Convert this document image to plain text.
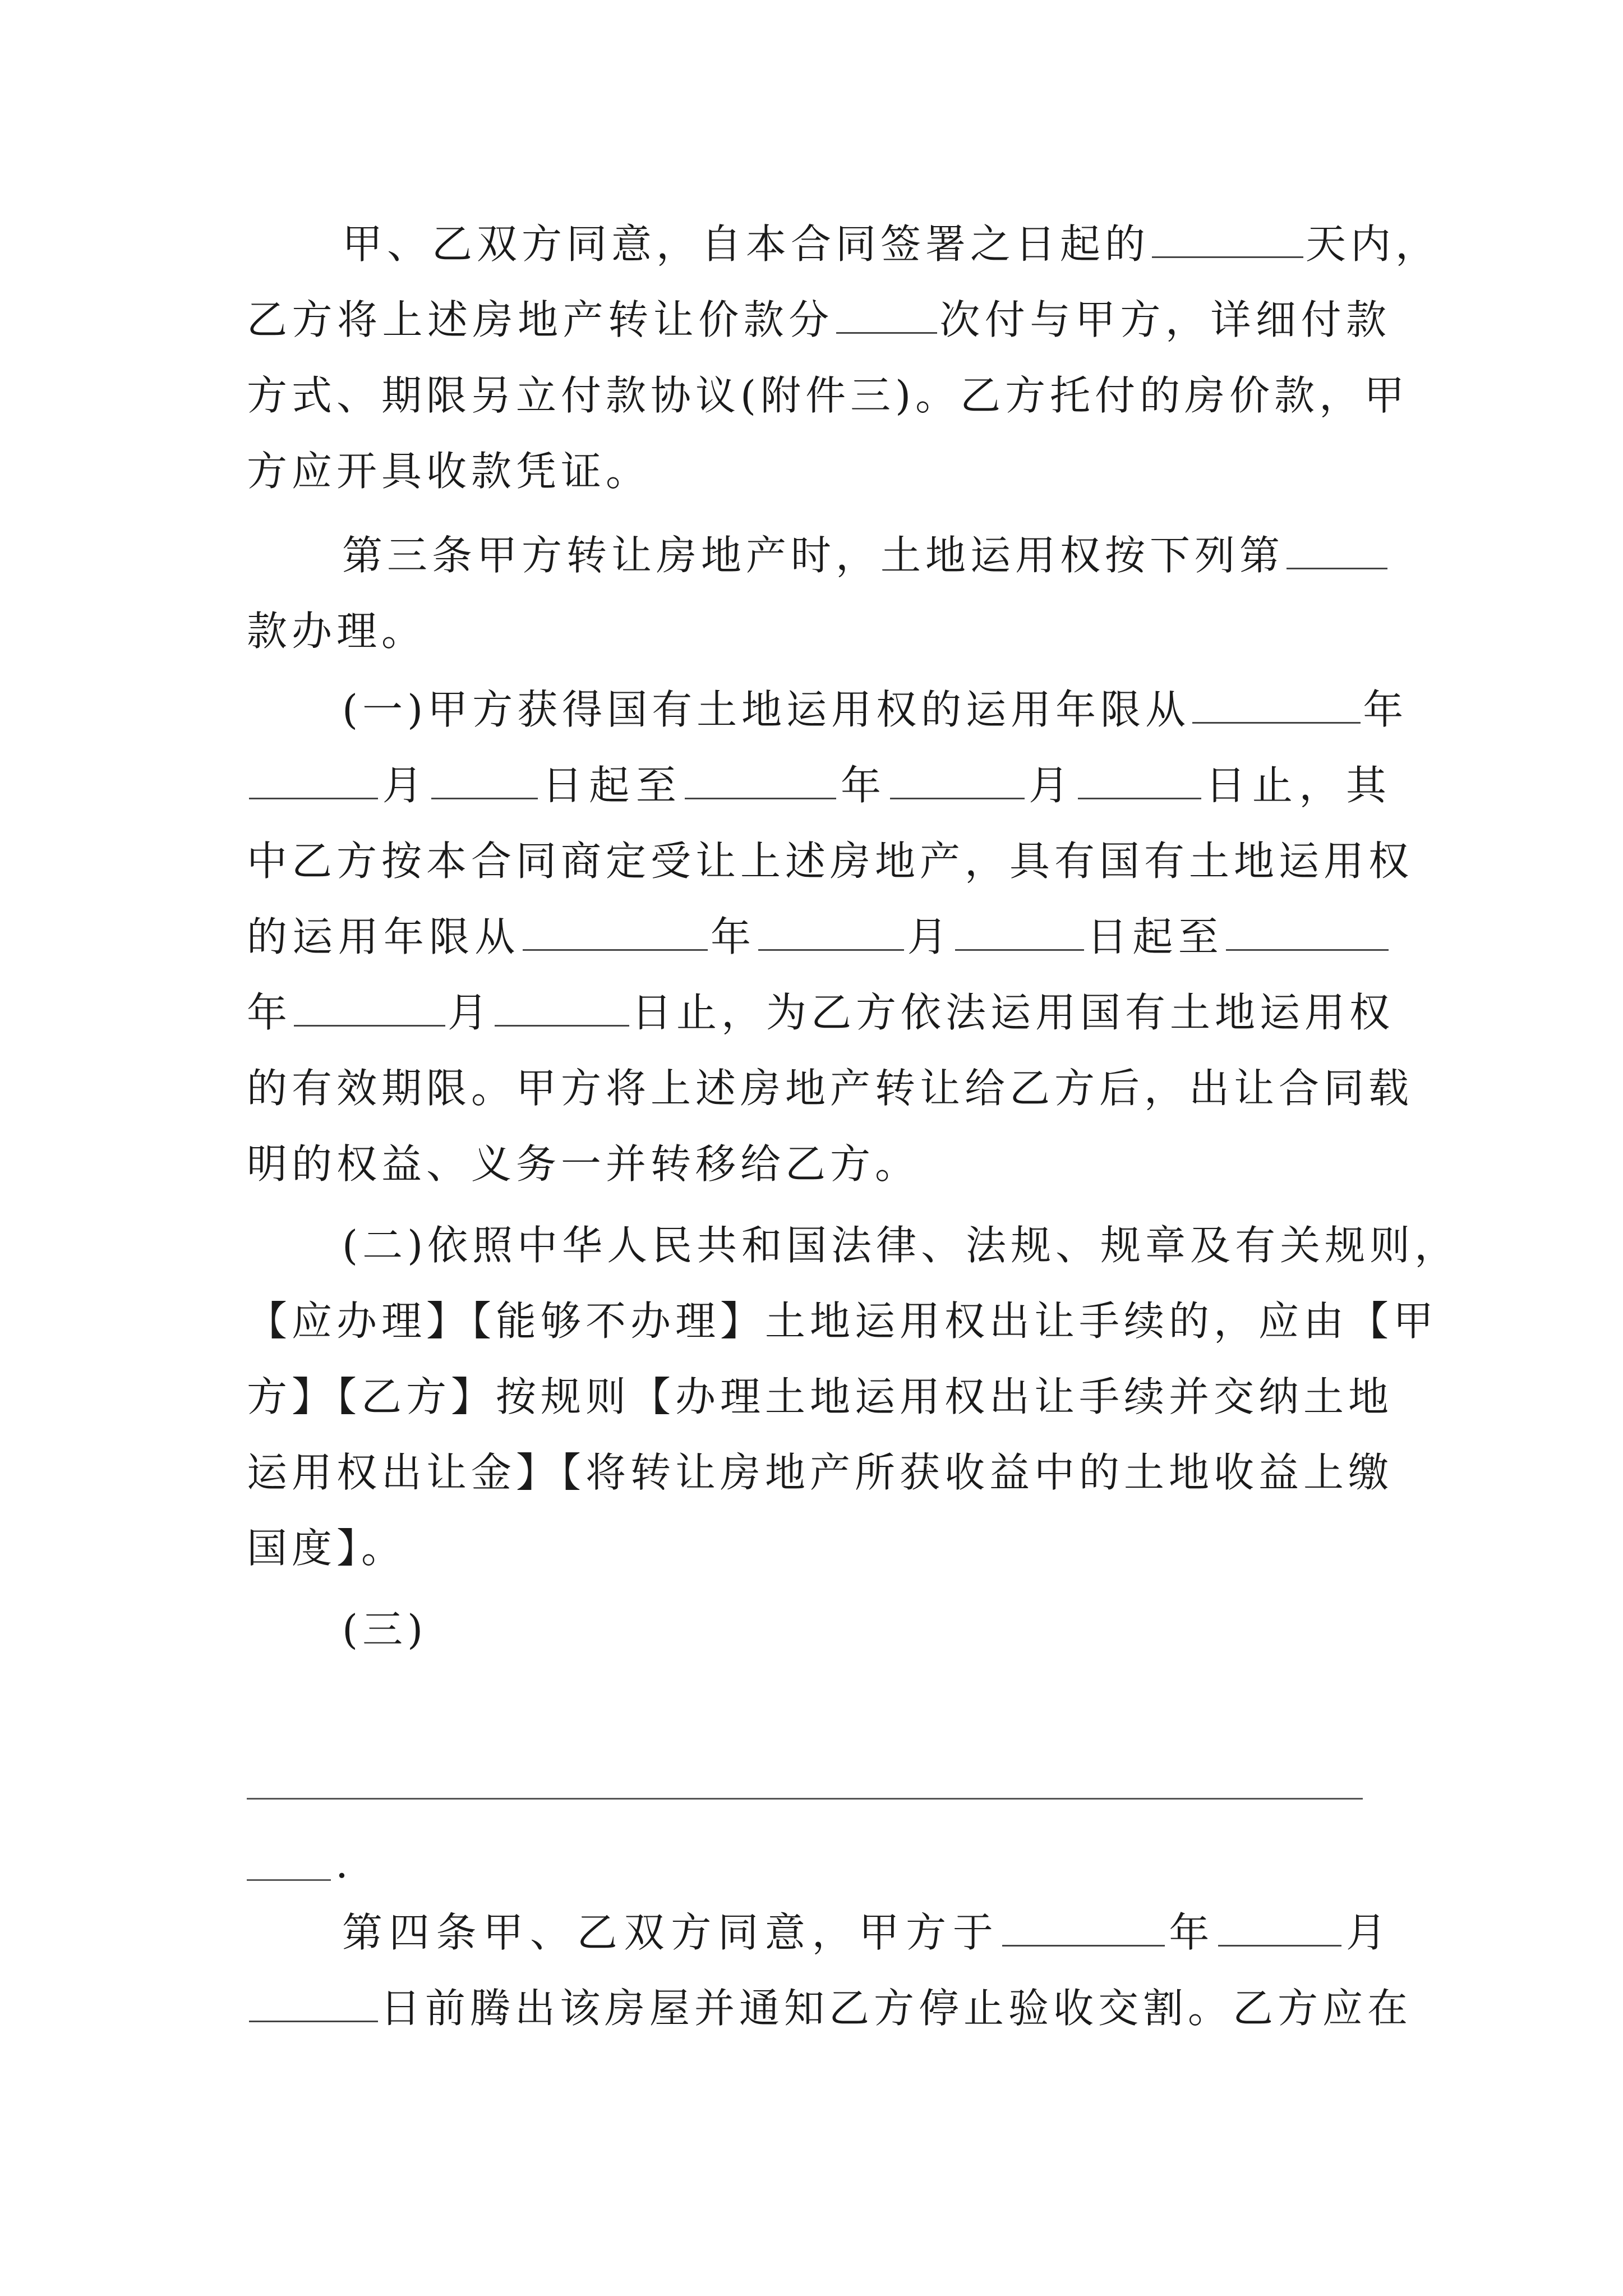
甲、乙双方同意，自本合同签署之日起的	天内，
乙方将上述房地产转让价款分	次付与甲方，详细付款
方式、期限另立付款协议(附件三)。乙方托付的房价款，甲
方应开具收款凭证。
第三条甲方转让房地产时，土地运用权按下列第
款办理。
(一)甲方获得国有土地运用权的运用年限从	年
月	日起至	年	月	日止，其
中乙方按本合同商定受让上述房地产，具有国有土地运用权
的运用年限从	年	月	日起至
年	月	日止，为乙方依法运用国有土地运用权
的有效期限。甲方将上述房地产转让给乙方后，出让合同载
明的权益、义务一并转移给乙方。
(二)依照中华人民共和国法律、法规、规章及有关规则，
【应办理】【能够不办理】土地运用权出让手续的，应由【甲
方】【乙方】按规则【办理土地运用权出让手续并交纳土地
运用权出让金】【将转让房地产所获收益中的土地收益上缴
国度】。
(三)
.
第四条甲、乙双方同意，甲方于	年	月
日前腾出该房屋并通知乙方停止验收交割。乙方应在
